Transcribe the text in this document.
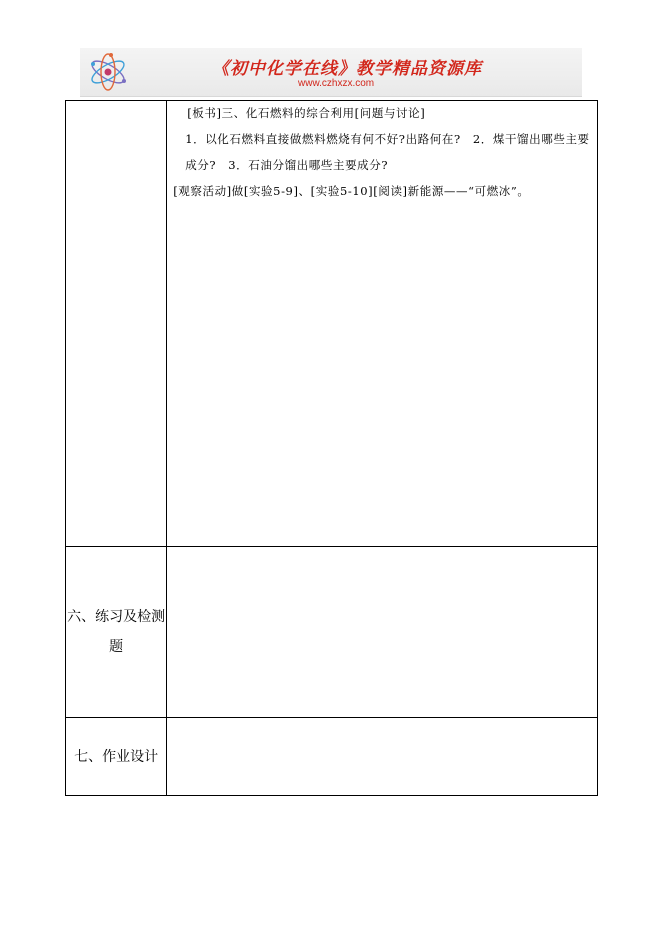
《初中化学在线》教学精品资源库
www.czhxzx.com

	[板书]三、化石燃料的综合利用[问题与讨论]

1．以化石燃料直接做燃料燃烧有何不好?出路何在?　2．煤干馏出哪些主要成分?　3．石油分馏出哪些主要成分?

[观察活动]做[实验5-9]、[实验5-10][阅读]新能源——“可燃冰”。

六、练习及检测题	
七、作业设计	
